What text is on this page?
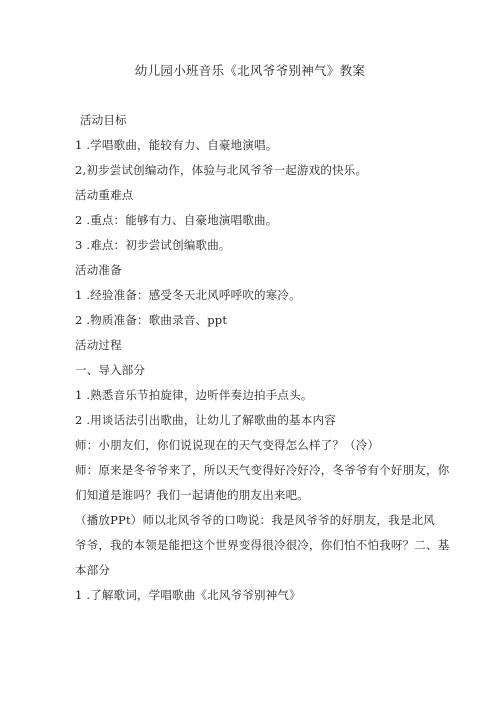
幼儿园小班音乐《北风爷爷别神气》教案
活动目标
1 .学唱歌曲，能较有力、自豪地演唱。
2,初步尝试创编动作，体验与北风爷爷一起游戏的快乐。
活动重难点
2 .重点：能够有力、自豪地演唱歌曲。
3 .难点：初步尝试创编歌曲。
活动准备
1 .经验准备：感受冬天北风呼呼吹的寒冷。
2 .物质准备：歌曲录音、ppt
活动过程
一、导入部分
1 .熟悉音乐节拍旋律，边听伴奏边拍手点头。
2 .用谈话法引出歌曲，让幼儿了解歌曲的基本内容
师：小朋友们，你们说说现在的天气变得怎么样了？（冷）
师：原来是冬爷爷来了，所以天气变得好冷好冷，冬爷爷有个好朋友，你
们知道是谁吗？我们一起请他的朋友出来吧。
（播放PPt）师以北风爷爷的口吻说：我是风爷爷的好朋友，我是北风
爷爷，我的本领是能把这个世界变得很冷很冷，你们怕不怕我呀？二、基
本部分
1 .了解歌词，学唱歌曲《北风爷爷别神气》
